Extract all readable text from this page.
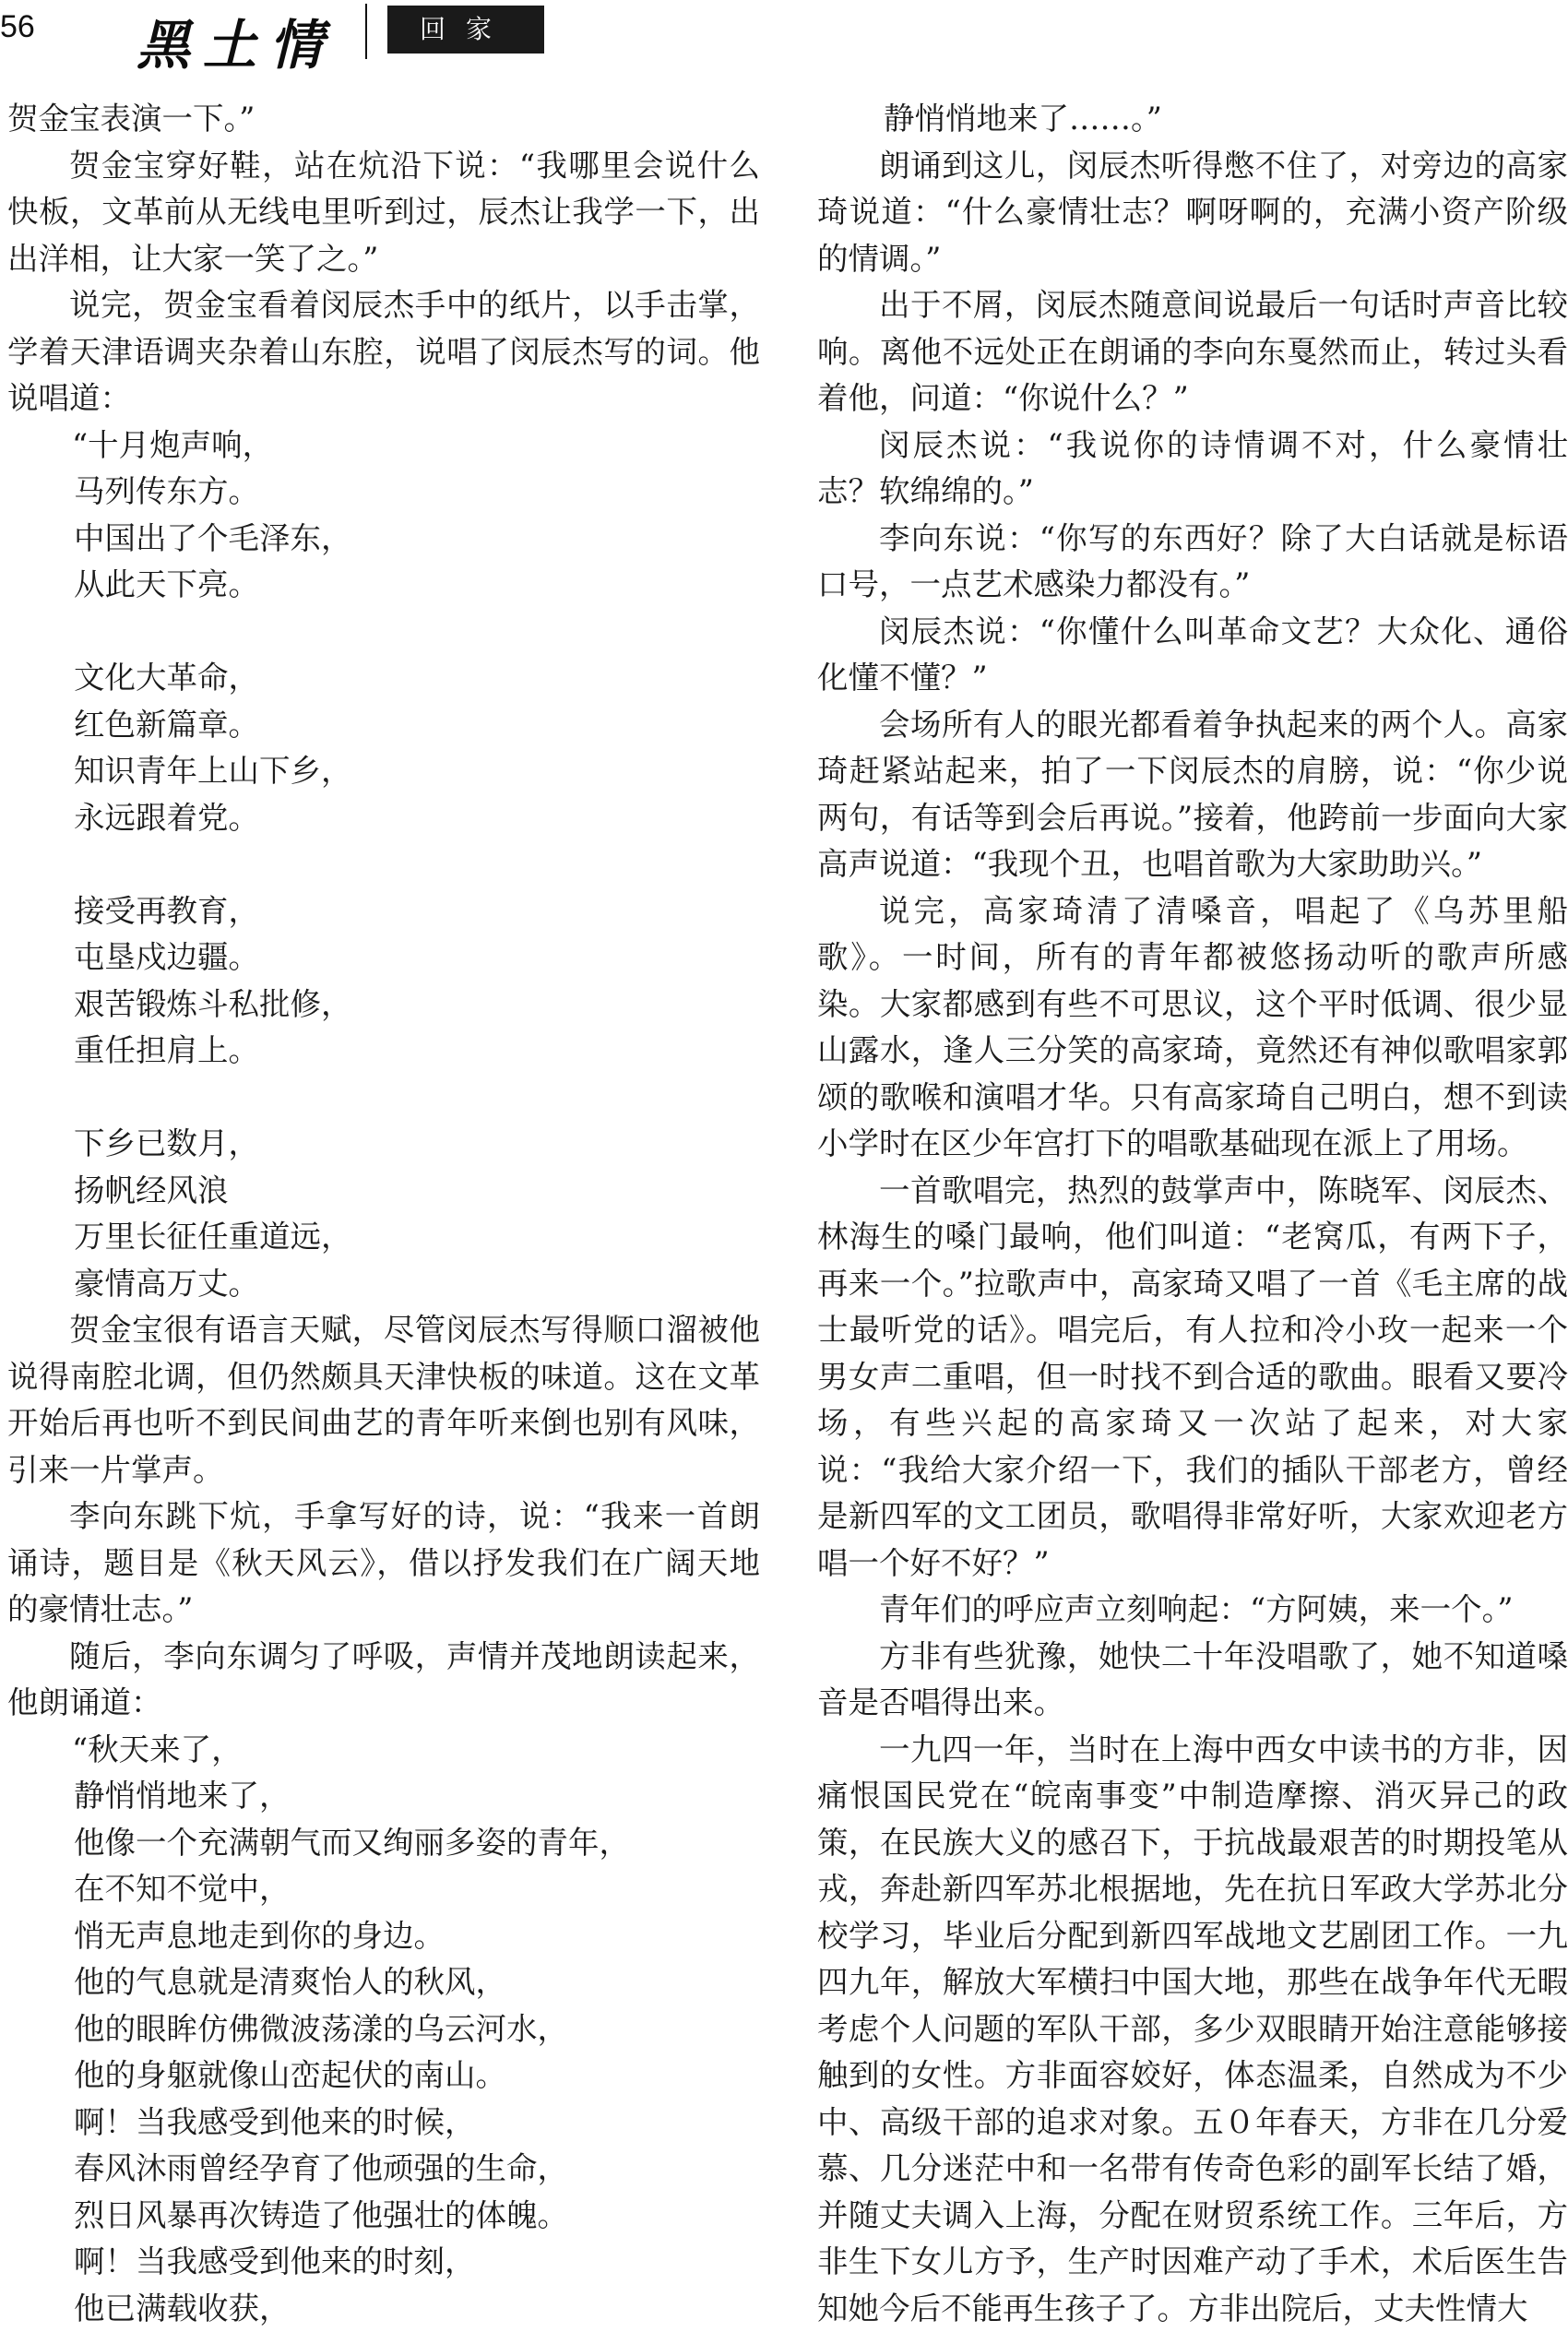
56 黑土情	回家

贺金宝表演一下。”

贺金宝穿好鞋，站在炕沿下说：“我哪里会说什么快板，文革前从无线电里听到过，辰杰让我学一下，出出洋相，让大家一笑了之。”

说完，贺金宝看着闵辰杰手中的纸片，以手击掌，学着天津语调夹杂着山东腔，说唱了闵辰杰写的词。他说唱道：

“十月炮声响，

马列传东方。

中国出了个毛泽东，

从此天下亮。

文化大革命，

红色新篇章。

知识青年上山下乡，

永远跟着党。

接受再教育，

屯垦戍边疆。

艰苦锻炼斗私批修，

重任担肩上。

下乡已数月，

扬帆经风浪

万里长征任重道远，

豪情高万丈。

贺金宝很有语言天赋，尽管闵辰杰写得顺口溜被他说得南腔北调，但仍然颇具天津快板的味道。这在文革开始后再也听不到民间曲艺的青年听来倒也别有风味，引来一片掌声。

李向东跳下炕，手拿写好的诗，说：“我来一首朗诵诗，题目是《秋天风云》，借以抒发我们在广阔天地的豪情壮志。”

随后，李向东调匀了呼吸，声情并茂地朗读起来，他朗诵道：

“秋天来了，

静悄悄地来了，

他像一个充满朝气而又绚丽多姿的青年，

在不知不觉中，

悄无声息地走到你的身边。

他的气息就是清爽怡人的秋风，

他的眼眸仿佛微波荡漾的乌云河水，

他的身躯就像山峦起伏的南山。

啊！当我感受到他来的时候，

春风沐雨曾经孕育了他顽强的生命，

烈日风暴再次铸造了他强壮的体魄。

啊！当我感受到他来的时刻，

他已满载收获，

静悄悄地来了……。”

朗诵到这儿，闵辰杰听得憋不住了，对旁边的高家琦说道：“什么豪情壮志？啊呀啊的，充满小资产阶级的情调。”

出于不屑，闵辰杰随意间说最后一句话时声音比较响。离他不远处正在朗诵的李向东戛然而止，转过头看着他，问道：“你说什么？”

闵辰杰说：“我说你的诗情调不对，什么豪情壮志？软绵绵的。”

李向东说：“你写的东西好？除了大白话就是标语口号，一点艺术感染力都没有。”

闵辰杰说：“你懂什么叫革命文艺？大众化、通俗化懂不懂？”

会场所有人的眼光都看着争执起来的两个人。高家琦赶紧站起来，拍了一下闵辰杰的肩膀，说：“你少说两句，有话等到会后再说。”接着，他跨前一步面向大家高声说道：“我现个丑，也唱首歌为大家助助兴。”

说完，高家琦清了清嗓音，唱起了《乌苏里船歌》。一时间，所有的青年都被悠扬动听的歌声所感染。大家都感到有些不可思议，这个平时低调、很少显山露水，逢人三分笑的高家琦，竟然还有神似歌唱家郭颂的歌喉和演唱才华。只有高家琦自己明白，想不到读小学时在区少年宫打下的唱歌基础现在派上了用场。

一首歌唱完，热烈的鼓掌声中，陈晓军、闵辰杰、林海生的嗓门最响，他们叫道：“老窝瓜，有两下子，再来一个。”拉歌声中，高家琦又唱了一首《毛主席的战士最听党的话》。唱完后，有人拉和冷小玫一起来一个男女声二重唱，但一时找不到合适的歌曲。眼看又要冷场，有些兴起的高家琦又一次站了起来，对大家说：“我给大家介绍一下，我们的插队干部老方，曾经是新四军的文工团员，歌唱得非常好听，大家欢迎老方唱一个好不好？”

青年们的呼应声立刻响起：“方阿姨，来一个。”

方非有些犹豫，她快二十年没唱歌了，她不知道嗓音是否唱得出来。

一九四一年，当时在上海中西女中读书的方非，因痛恨国民党在“皖南事变”中制造摩擦、消灭异己的政策，在民族大义的感召下，于抗战最艰苦的时期投笔从戎，奔赴新四军苏北根据地，先在抗日军政大学苏北分校学习，毕业后分配到新四军战地文艺剧团工作。一九四九年，解放大军横扫中国大地，那些在战争年代无暇考虑个人问题的军队干部，多少双眼睛开始注意能够接触到的女性。方非面容姣好，体态温柔，自然成为不少中、高级干部的追求对象。五０年春天，方非在几分爱慕、几分迷茫中和一名带有传奇色彩的副军长结了婚，并随丈夫调入上海，分配在财贸系统工作。三年后，方非生下女儿方予，生产时因难产动了手术，术后医生告知她今后不能再生孩子了。方非出院后，丈夫性情大
